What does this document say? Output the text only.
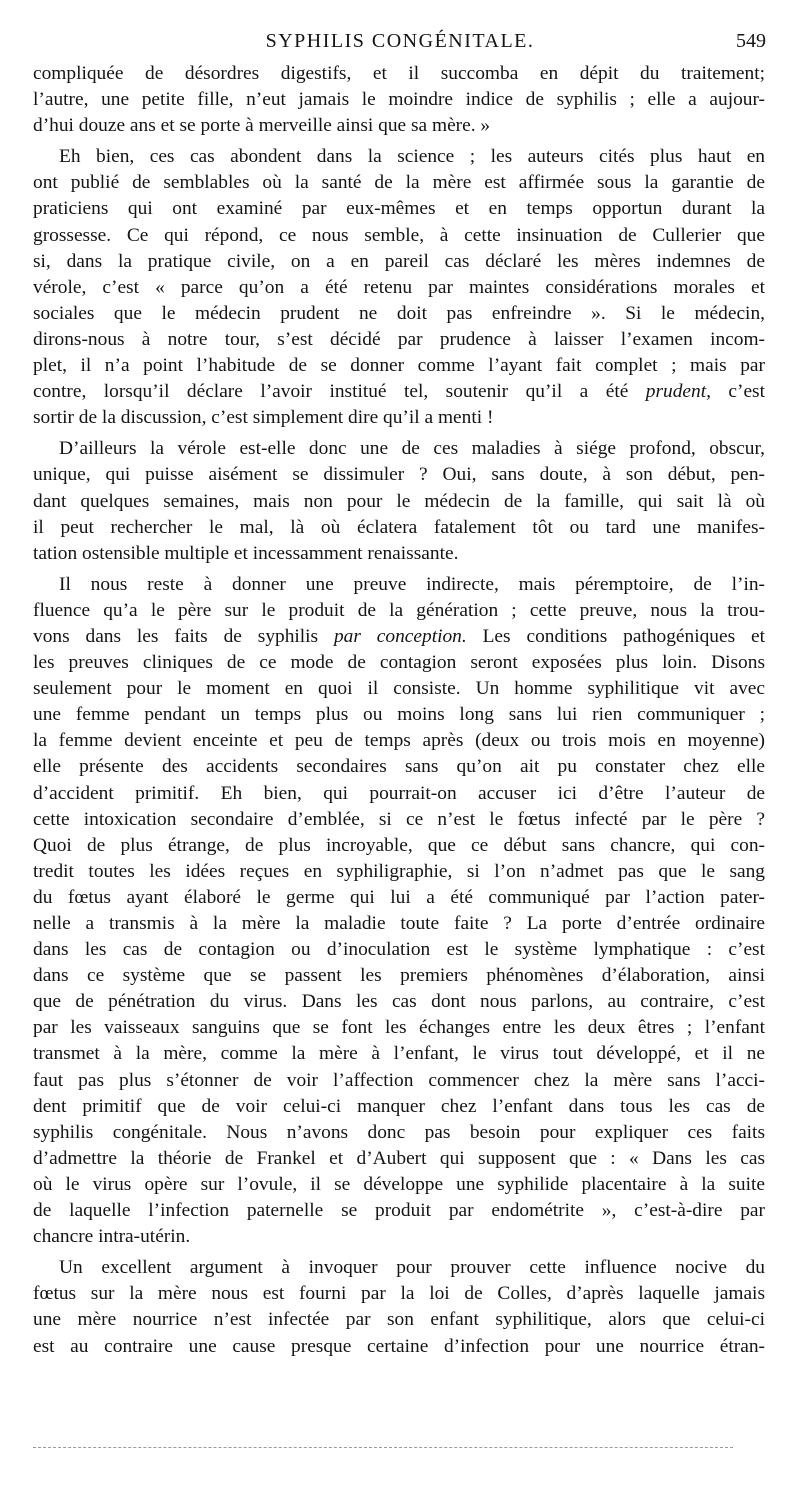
SYPHILIS CONGÉNITALE.	549
compliquée de désordres digestifs, et il succomba en dépit du traitement;
l’autre, une petite fille, n’eut jamais le moindre indice de syphilis ; elle a aujour-
d’hui douze ans et se porte à merveille ainsi que sa mère. »
Eh bien, ces cas abondent dans la science ; les auteurs cités plus haut en
ont publié de semblables où la santé de la mère est affirmée sous la garantie de
praticiens qui ont examiné par eux-mêmes et en temps opportun durant la
grossesse. Ce qui répond, ce nous semble, à cette insinuation de Cullerier que
si, dans la pratique civile, on a en pareil cas déclaré les mères indemnes de
vérole, c’est « parce qu’on a été retenu par maintes considérations morales et
sociales que le médecin prudent ne doit pas enfreindre ». Si le médecin,
dirons-nous à notre tour, s’est décidé par prudence à laisser l’examen incom-
plet, il n’a point l’habitude de se donner comme l’ayant fait complet ; mais par
contre, lorsqu’il déclare l’avoir institué tel, soutenir qu’il a été prudent, c’est
sortir de la discussion, c’est simplement dire qu’il a menti !
D’ailleurs la vérole est-elle donc une de ces maladies à siége profond, obscur,
unique, qui puisse aisément se dissimuler ? Oui, sans doute, à son début, pen-
dant quelques semaines, mais non pour le médecin de la famille, qui sait là où
il peut rechercher le mal, là où éclatera fatalement tôt ou tard une manifes-
tation ostensible multiple et incessamment renaissante.
Il nous reste à donner une preuve indirecte, mais péremptoire, de l’in-
fluence qu’a le père sur le produit de la génération ; cette preuve, nous la trou-
vons dans les faits de syphilis par conception. Les conditions pathogéniques et
les preuves cliniques de ce mode de contagion seront exposées plus loin. Disons
seulement pour le moment en quoi il consiste. Un homme syphilitique vit avec
une femme pendant un temps plus ou moins long sans lui rien communiquer ;
la femme devient enceinte et peu de temps après (deux ou trois mois en moyenne)
elle présente des accidents secondaires sans qu’on ait pu constater chez elle
d’accident primitif. Eh bien, qui pourrait-on accuser ici d’être l’auteur de
cette intoxication secondaire d’emblée, si ce n’est le fœtus infecté par le père ?
Quoi de plus étrange, de plus incroyable, que ce début sans chancre, qui con-
tredit toutes les idées reçues en syphiligraphie, si l’on n’admet pas que le sang
du fœtus ayant élaboré le germe qui lui a été communiqué par l’action pater-
nelle a transmis à la mère la maladie toute faite ? La porte d’entrée ordinaire
dans les cas de contagion ou d’inoculation est le système lymphatique : c’est
dans ce système que se passent les premiers phénomènes d’élaboration, ainsi
que de pénétration du virus. Dans les cas dont nous parlons, au contraire, c’est
par les vaisseaux sanguins que se font les échanges entre les deux êtres ; l’enfant
transmet à la mère, comme la mère à l’enfant, le virus tout développé, et il ne
faut pas plus s’étonner de voir l’affection commencer chez la mère sans l’acci-
dent primitif que de voir celui-ci manquer chez l’enfant dans tous les cas de
syphilis congénitale. Nous n’avons donc pas besoin pour expliquer ces faits
d’admettre la théorie de Frankel et d’Aubert qui supposent que : « Dans les cas
où le virus opère sur l’ovule, il se développe une syphilide placentaire à la suite
de laquelle l’infection paternelle se produit par endométrite », c’est-à-dire par
chancre intra-utérin.
Un excellent argument à invoquer pour prouver cette influence nocive du
fœtus sur la mère nous est fourni par la loi de Colles, d’après laquelle jamais
une mère nourrice n’est infectée par son enfant syphilitique, alors que celui-ci
est au contraire une cause presque certaine d’infection pour une nourrice étran-
